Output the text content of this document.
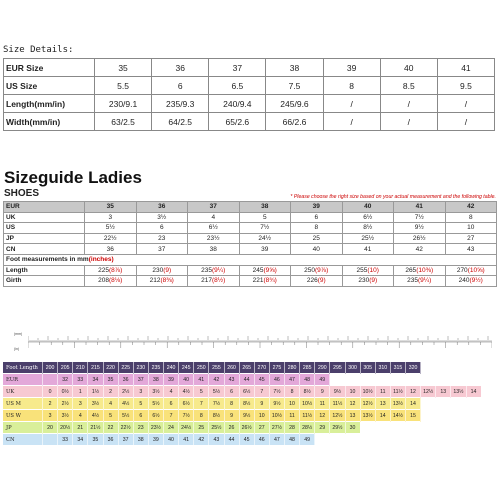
Size Details:
EUR Size	35	36	37	38	39	40	41
US Size	5.5	6	6.5	7.5	8	8.5	9.5
Length(mm/in)	230/9.1	235/9.3	240/9.4	245/9.6	/	/	/
Width(mm/in)	63/2.5	64/2.5	65/2.6	66/2.6	/	/	/
Sizeguide Ladies
SHOES	* Please choose the right size based on your actual measurement and the following table.
EUR	35	36	37	38	39	40	41	42
UK	3	3½	4	5	6	6½	7½	8
US	5½	6	6½	7½	8	8½	9½	10
JP	22½	23	23½	24½	25	25½	26½	27
CN	36	37	38	39	40	41	42	43
Foot measurements in mm(inches)								
Length	225(8⅞)	230(9)	235(9¼)	245(9⅝)	250(9⅞)	255(10)	265(10⅜)	270(10⅝)
Girth	208(8⅛)	212(8⅜)	217(8½)	221(8¾)	226(9)	230(9)	235(9¼)	240(9½)
(mm)
(in)
Foot Length	200	205	210	215	220	225	230	235	240	245	250	255	260	265	270	275	280	285	290	295	300	305	310	315	320					
EUR		32	33	34	35	36	37	38	39	40	41	42	43	44	45	46	47	48	49											
UK	0	0½	1	1½	2	2½	3	3½	4	4½	5	5½	6	6½	7	7½	8	8½	9	9½	10	10½	11	11½	12	12½	13	13½	14	
US M	2	2½	3	3½	4	4½	5	5½	6	6½	7	7½	8	8½	9	9½	10	10½	11	11½	12	12½	13	13½	14					
US W	3	3½	4	4½	5	5½	6	6½	7	7½	8	8½	9	9½	10	10½	11	11½	12	12½	13	13½	14	14½	15					
JP	20	20½	21	21½	22	22½	23	23½	24	24½	25	25½	26	26½	27	27½	28	28½	29	29½	30									
CN		33	34	35	36	37	38	39	40	41	42	43	44	45	46	47	48	49												
